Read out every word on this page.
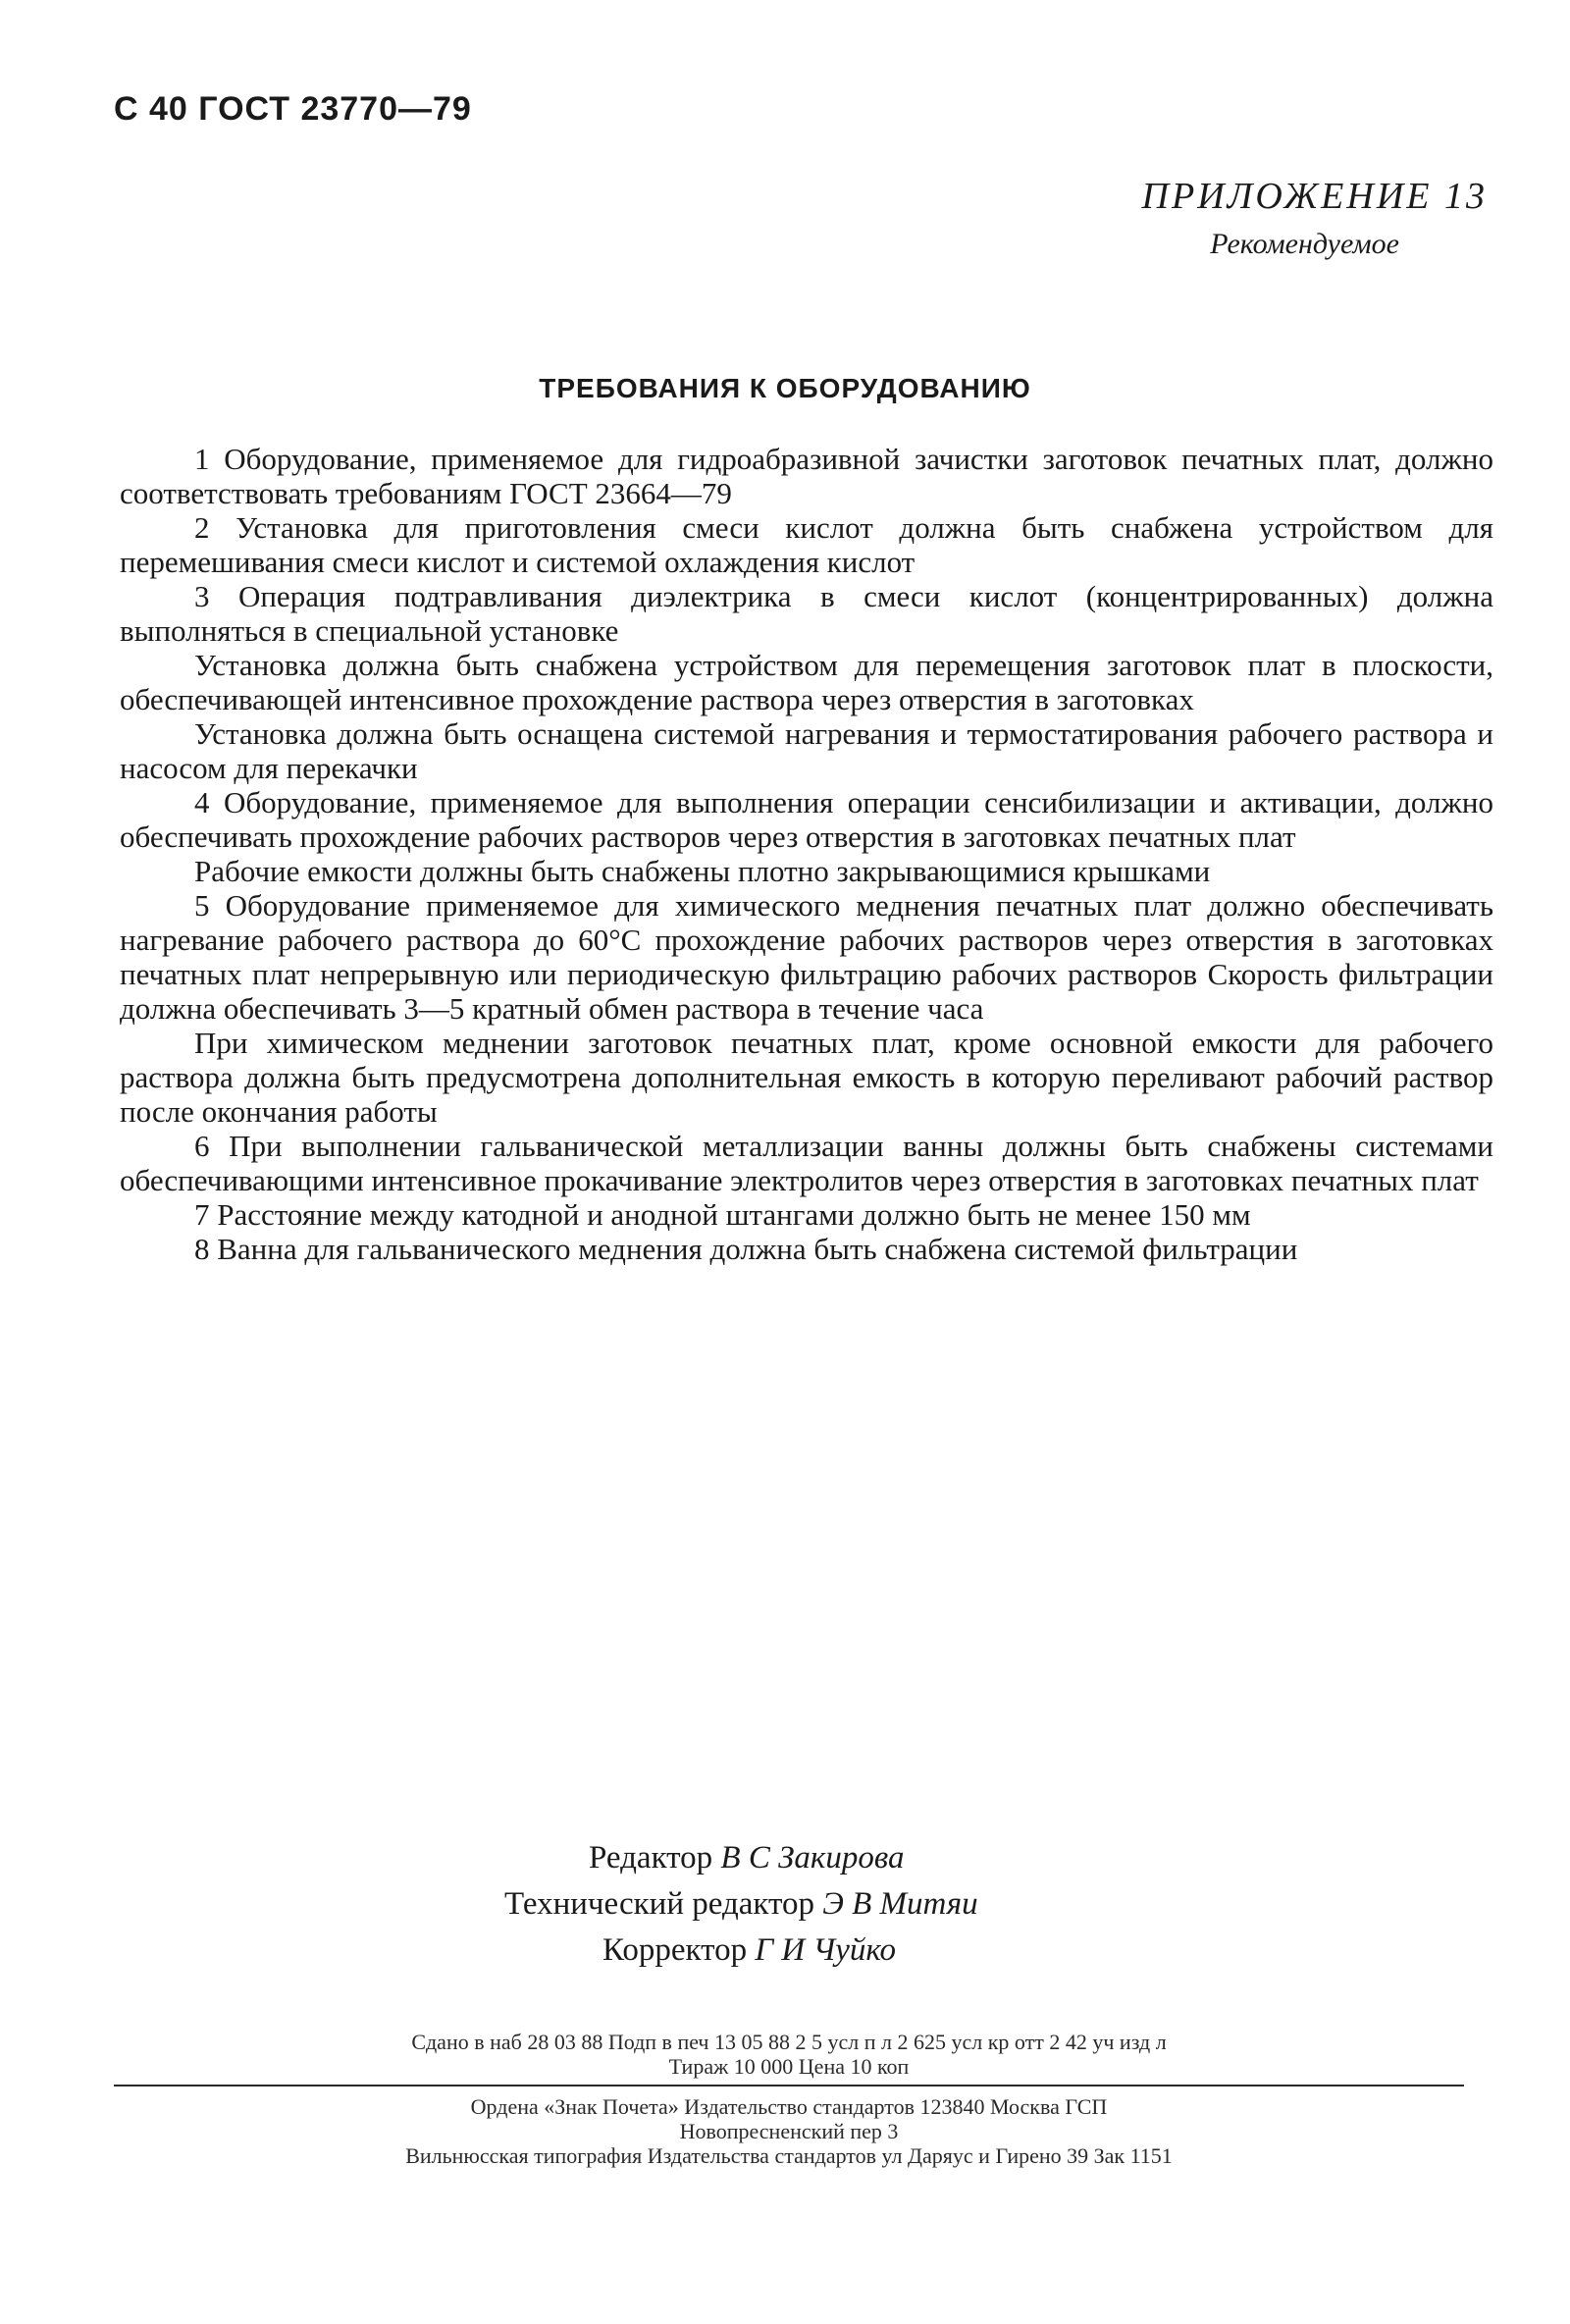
С 40 ГОСТ 23770—79
ПРИЛОЖЕНИЕ 13
Рекомендуемое
ТРЕБОВАНИЯ К ОБОРУДОВАНИЮ

1 Оборудование, применяемое для гидроабразивной зачистки заготовок печатных плат, должно соответствовать требованиям ГОСТ 23664—79

2 Установка для приготовления смеси кислот должна быть снабжена устройством для перемешивания смеси кислот и системой охлаждения кислот

3 Операция подтравливания диэлектрика в смеси кислот (концентрированных) должна выполняться в специальной установке

Установка должна быть снабжена устройством для перемещения заготовок плат в плоскости, обеспечивающей интенсивное прохождение раствора через отверстия в заготовках

Установка должна быть оснащена системой нагревания и термостатирования рабочего раствора и насосом для перекачки

4 Оборудование, применяемое для выполнения операции сенсибилизации и активации, должно обеспечивать прохождение рабочих растворов через отверстия в заготовках печатных плат

Рабочие емкости должны быть снабжены плотно закрывающимися крышками

5 Оборудование применяемое для химического меднения печатных плат должно обеспечивать нагревание рабочего раствора до 60°С прохождение рабочих растворов через отверстия в заготовках печатных плат непрерывную или периодическую фильтрацию рабочих растворов Скорость фильтрации должна обеспечивать 3—5 кратный обмен раствора в течение часа

При химическом меднении заготовок печатных плат, кроме основной емкости для рабочего раствора должна быть предусмотрена дополнительная емкость в которую переливают рабочий раствор после окончания работы

6 При выполнении гальванической металлизации ванны должны быть снабжены системами обеспечивающими интенсивное прокачивание электролитов через отверстия в заготовках печатных плат

7 Расстояние между катодной и анодной штангами должно быть не менее 150 мм

8 Ванна для гальванического меднения должна быть снабжена системой фильтрации

Редактор В С Закирова
Технический редактор Э В Митяи
Корректор Г И Чуйко
Сдано в наб 28 03 88 Подп в печ 13 05 88 2 5 усл п л 2 625 усл кр отт 2 42 уч изд л
Тираж 10 000 Цена 10 коп
Ордена «Знак Почета» Издательство стандартов 123840 Москва ГСП
Новопресненский пер 3
Вильнюсская типография Издательства стандартов ул Даряус и Гирено 39 Зак 1151
